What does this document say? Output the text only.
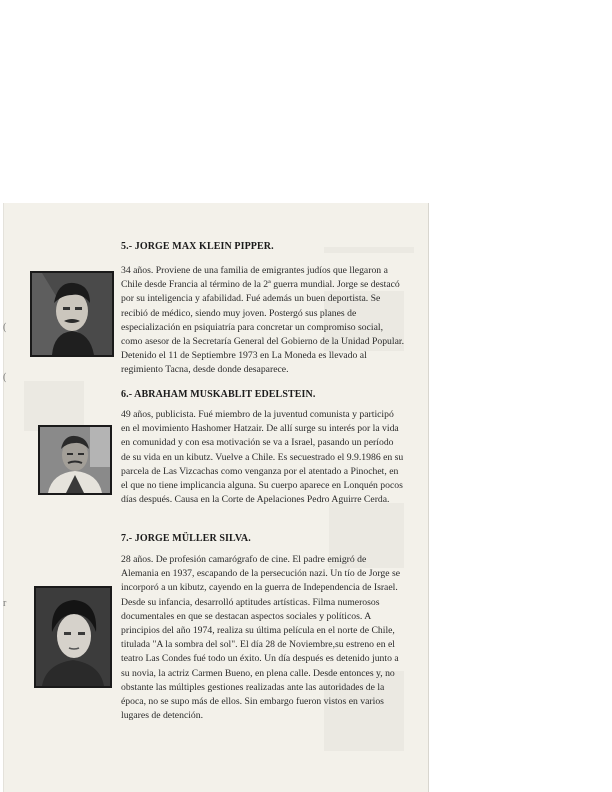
5.- JORGE MAX KLEIN PIPPER.

34 años. Proviene de una familia de emigrantes judíos que llegaron a Chile desde Francia al término de la 2ª guerra mundial. Jorge se destacó por su inteligencia y afabilidad. Fué además un buen deportista. Se recibió de médico, siendo muy joven. Postergó sus planes de especialización en psiquiatría para concretar un compromiso social, como asesor de la Secretaría General del Gobierno de la Unidad Popular. Detenido el 11 de Septiembre 1973 en La Moneda es llevado al regimiento Tacna, desde donde desaparece.

6.- ABRAHAM MUSKABLIT EDELSTEIN.

49 años, publicista. Fué miembro de la juventud comunista y participó en el movimiento Hashomer Hatzair. De allí surge su interés por la vida en comunidad y con esa motivación se va a Israel, pasando un período de su vida en un kibutz. Vuelve a Chile. Es secuestrado el 9.9.1986 en su parcela de Las Vizcachas como venganza por el atentado a Pinochet, en el que no tiene implicancia alguna. Su cuerpo aparece en Lonquén pocos días después. Causa en la Corte de Apelaciones Pedro Aguirre Cerda.

7.- JORGE MÜLLER SILVA.

28 años. De profesión camarógrafo de cine. El padre emigró de Alemania en 1937, escapando de la persecución nazi. Un tío de Jorge se incorporó a un kibutz, cayendo en la guerra de Independencia de Israel. Desde su infancia, desarrolló aptitudes artísticas. Filma numerosos documentales en que se destacan aspectos sociales y políticos. A principios del año 1974, realiza su última película en el norte de Chile, titulada "A la sombra del sol". El día 28 de Noviembre,su estreno en el teatro Las Condes fué todo un éxito. Un día después es detenido junto a su novia, la actriz Carmen Bueno, en plena calle. Desde entonces y, no obstante las múltiples gestiones realizadas ante las autoridades de la época, no se supo más de ellos. Sin embargo fueron vistos en varios lugares de detención.

(
(
r
